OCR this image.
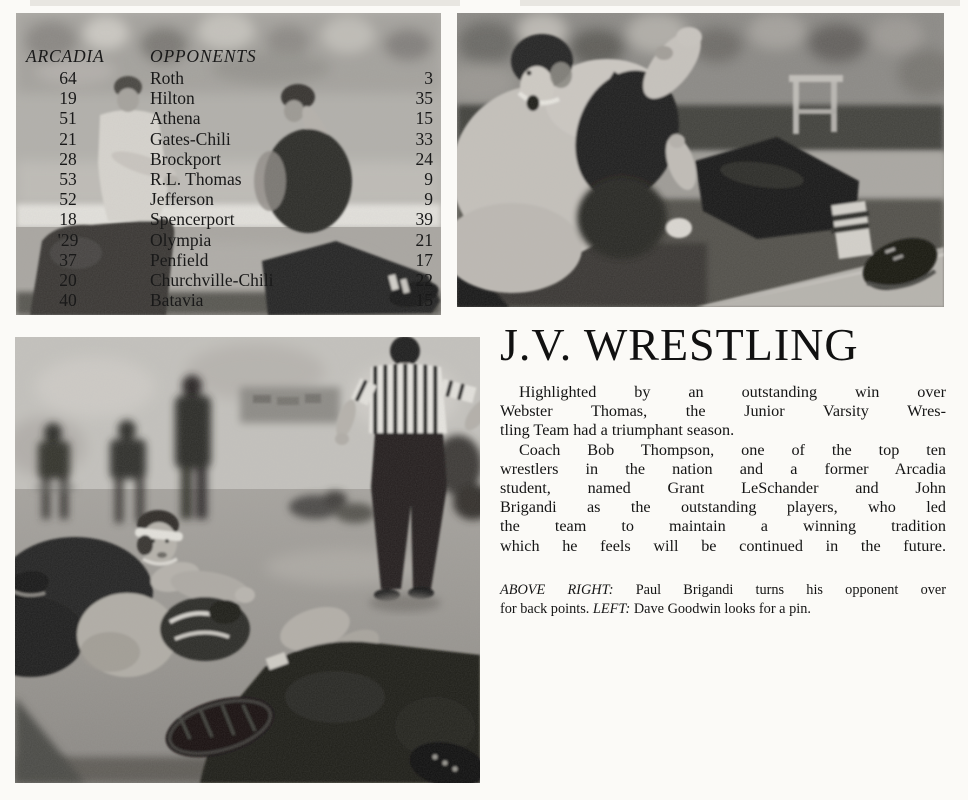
ARCADIA	OPPONENTS
64	Roth	3
19	Hilton	35
51	Athena	15
21	Gates-Chili	33
28	Brockport	24
53	R.L. Thomas	9
52	Jefferson	9
18	Spencerport	39
'29	Olympia	21
37	Penfield	17
20	Churchville-Chili	22
40	Batavia	15
J.V. WRESTLING
Highlighted by an outstanding win over
Webster Thomas, the Junior Varsity Wres-
tling Team had a triumphant season.
Coach Bob Thompson, one of the top ten
wrestlers in the nation and a former Arcadia
student, named Grant LeSchander and John
Brigandi as the outstanding players, who led
the team to maintain a winning tradition
which he feels will be continued in the future.
ABOVE RIGHT: Paul Brigandi turns his opponent over
for back points. LEFT: Dave Goodwin looks for a pin.
